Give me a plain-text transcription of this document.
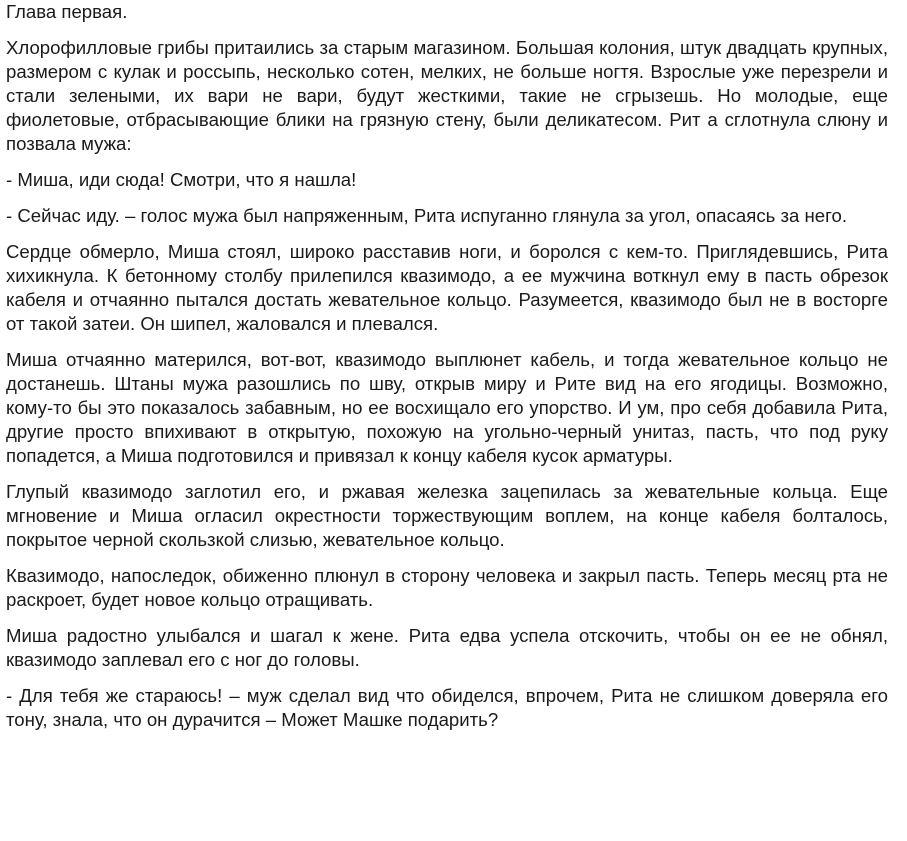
Глава первая.

Хлорофилловые грибы притаились за старым магазином. Большая колония, штук двадцать крупных, размером с кулак и россыпь, несколько сотен, мелких, не больше ногтя. Взрослые уже перезрели и стали зелеными, их вари не вари, будут жесткими, такие не сгрызешь. Но молодые, еще фиолетовые, отбрасывающие блики на грязную стену, были деликатесом. Рит а сглотнула слюну и позвала мужа:

- Миша, иди сюда! Смотри, что я нашла!

- Сейчас иду. – голос мужа был напряженным, Рита испуганно глянула за угол, опасаясь за него.

Сердце обмерло, Миша стоял, широко расставив ноги, и боролся с кем-то. Приглядевшись, Рита хихикнула. К бетонному столбу прилепился квазимодо, а ее мужчина воткнул ему в пасть обрезок кабеля и отчаянно пытался достать жевательное кольцо. Разумеется, квазимодо был не в восторге от такой затеи. Он шипел, жаловался и плевался.

Миша отчаянно матерился, вот-вот, квазимодо выплюнет кабель, и тогда жевательное кольцо не достанешь. Штаны мужа разошлись по шву, открыв миру и Рите вид на его ягодицы. Возможно, кому-то бы это показалось забавным, но ее восхищало его упорство. И ум, про себя добавила Рита, другие просто впихивают в открытую, похожую на угольно-черный унитаз, пасть, что под руку попадется, а Миша подготовился и привязал к концу кабеля кусок арматуры.

Глупый квазимодо заглотил его, и ржавая железка зацепилась за жевательные кольца. Еще мгновение и Миша огласил окрестности торжествующим воплем, на конце кабеля болталось, покрытое черной скользкой слизью, жевательное кольцо.

Квазимодо, напоследок, обиженно плюнул в сторону человека и закрыл пасть. Теперь месяц рта не раскроет, будет новое кольцо отращивать.

Миша радостно улыбался и шагал к жене. Рита едва успела отскочить, чтобы он ее не обнял, квазимодо заплевал его с ног до головы.

- Для тебя же стараюсь! – муж сделал вид что обиделся, впрочем, Рита не слишком доверяла его тону, знала, что он дурачится – Может Машке подарить?
